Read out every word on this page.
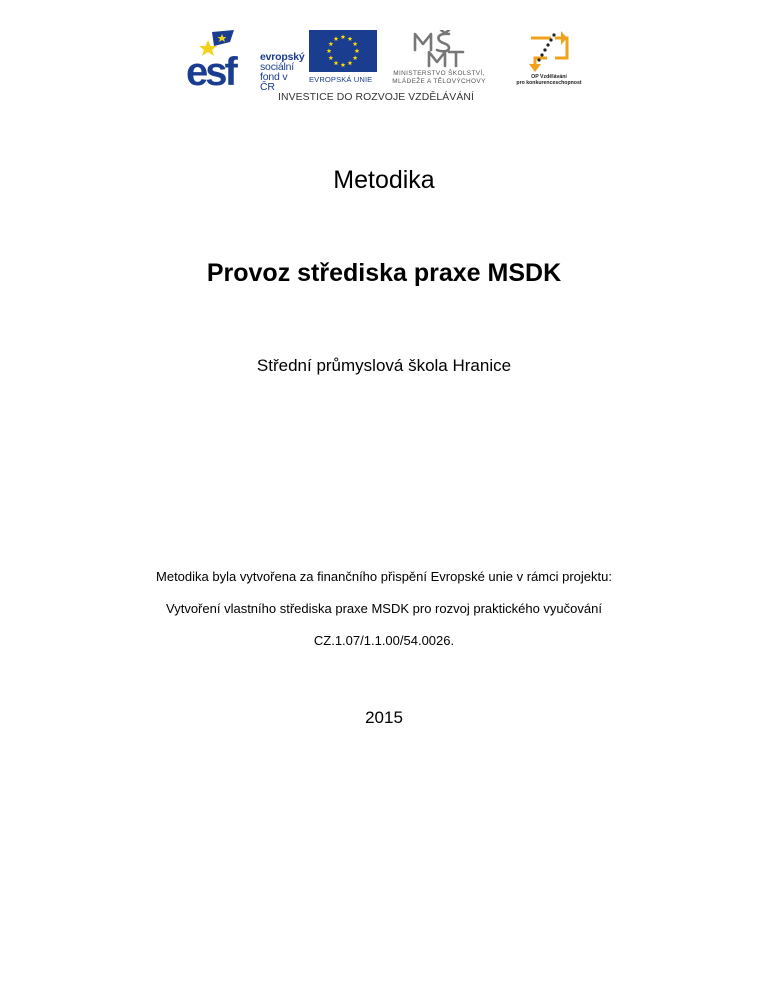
esf	evropský
sociální
fond v ČR
EVROPSKÁ UNIE
MINISTERSTVO ŠKOLSTVÍ,
MLÁDEŽE A TĚLOVÝCHOVY
OP Vzdělávání
pro konkurenceschopnost
INVESTICE DO ROZVOJE VZDĚLÁVÁNÍ
Metodika
Provoz střediska praxe MSDK
Střední průmyslová škola Hranice
Metodika byla vytvořena za finančního přispění Evropské unie v rámci projektu:
Vytvoření vlastního střediska praxe MSDK pro rozvoj praktického vyučování
CZ.1.07/1.1.00/54.0026.
2015
